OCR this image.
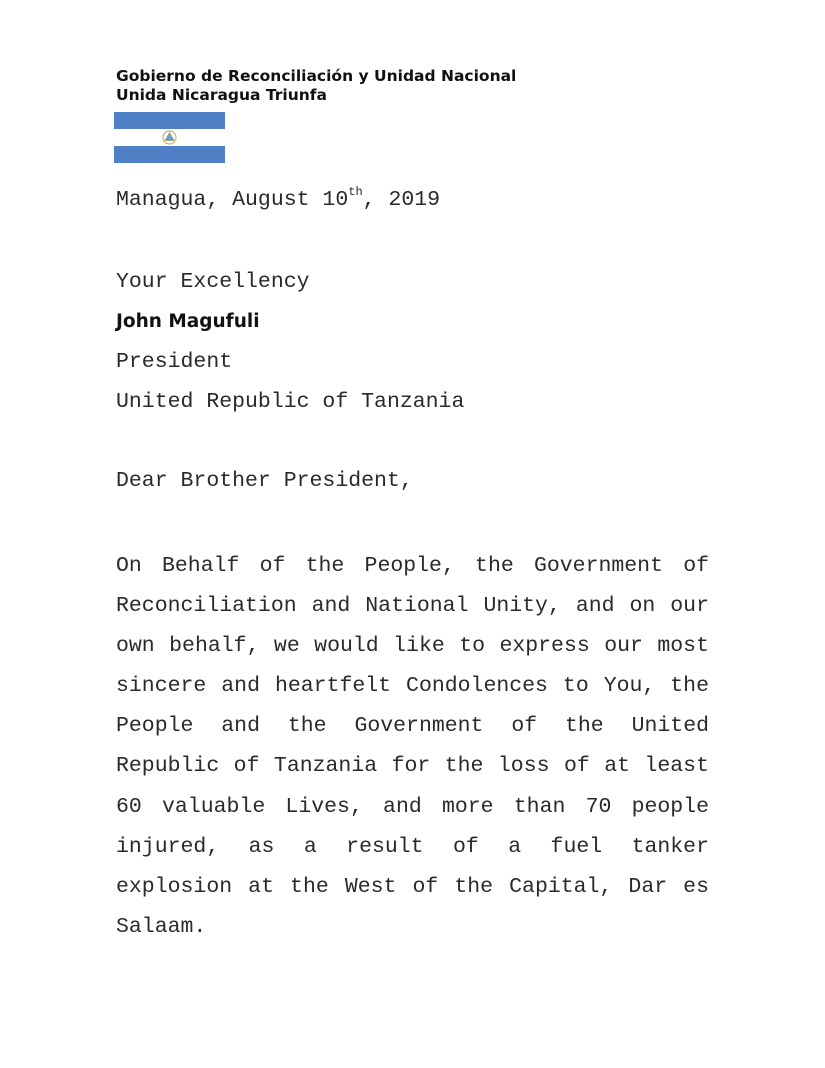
Gobierno de Reconciliación y Unidad Nacional
Unida Nicaragua Triunfa
Managua, August 10th, 2019
Your Excellency
John Magufuli
President
United Republic of Tanzania
Dear Brother President,

On Behalf of the People, the Government of Reconciliation and National Unity, and on our own behalf, we would like to express our most sincere and heartfelt Condolences to You, the People and the Government of the United Republic of Tanzania for the loss of at least 60 valuable Lives, and more than 70 people injured, as a result of a fuel tanker explosion at the West of the Capital, Dar es Salaam.
